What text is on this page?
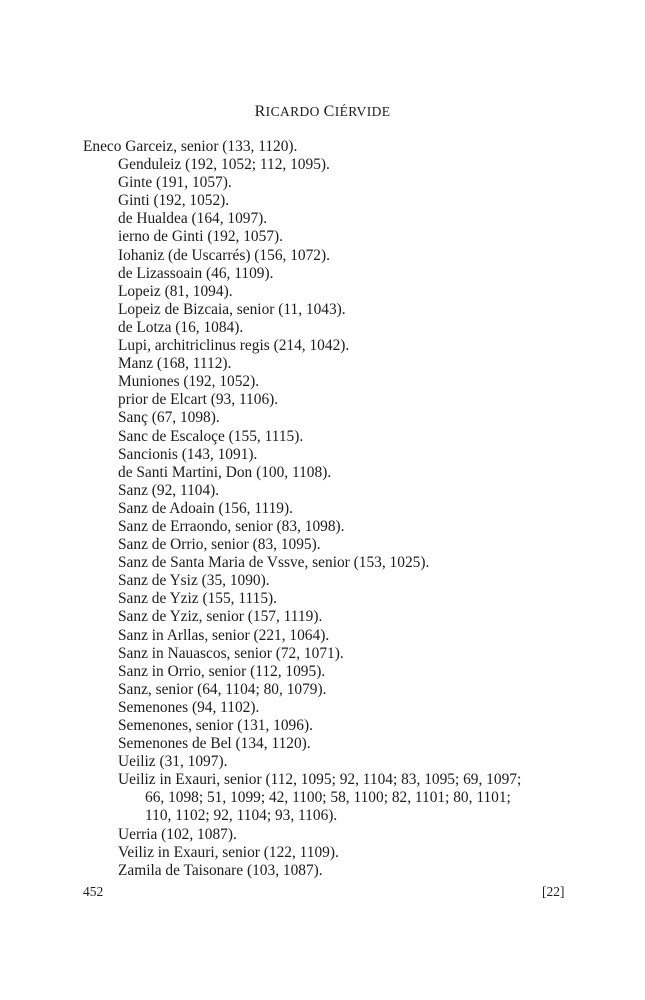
RICARDO CIÉRVIDE
Eneco Garceiz, senior (133, 1120).
Genduleiz (192, 1052; 112, 1095).
Ginte (191, 1057).
Ginti (192, 1052).
de Hualdea (164, 1097).
ierno de Ginti (192, 1057).
Iohaniz (de Uscarrés) (156, 1072).
de Lizassoain (46, 1109).
Lopeiz (81, 1094).
Lopeiz de Bizcaia, senior (11, 1043).
de Lotza (16, 1084).
Lupi, architriclinus regis (214, 1042).
Manz (168, 1112).
Muniones (192, 1052).
prior de Elcart (93, 1106).
Sanç (67, 1098).
Sanc de Escaloçe (155, 1115).
Sancionis (143, 1091).
de Santi Martini, Don (100, 1108).
Sanz (92, 1104).
Sanz de Adoain (156, 1119).
Sanz de Erraondo, senior (83, 1098).
Sanz de Orrio, senior (83, 1095).
Sanz de Santa Maria de Vssve, senior (153, 1025).
Sanz de Ysiz (35, 1090).
Sanz de Yziz (155, 1115).
Sanz de Yziz, senior (157, 1119).
Sanz in Arllas, senior (221, 1064).
Sanz in Nauascos, senior (72, 1071).
Sanz in Orrio, senior (112, 1095).
Sanz, senior (64, 1104; 80, 1079).
Semenones (94, 1102).
Semenones, senior (131, 1096).
Semenones de Bel (134, 1120).
Ueiliz (31, 1097).
Ueiliz in Exauri, senior (112, 1095; 92, 1104; 83, 1095; 69, 1097;
66, 1098; 51, 1099; 42, 1100; 58, 1100; 82, 1101; 80, 1101;
110, 1102; 92, 1104; 93, 1106).
Uerria (102, 1087).
Veiliz in Exauri, senior (122, 1109).
Zamila de Taisonare (103, 1087).
452	[22]
